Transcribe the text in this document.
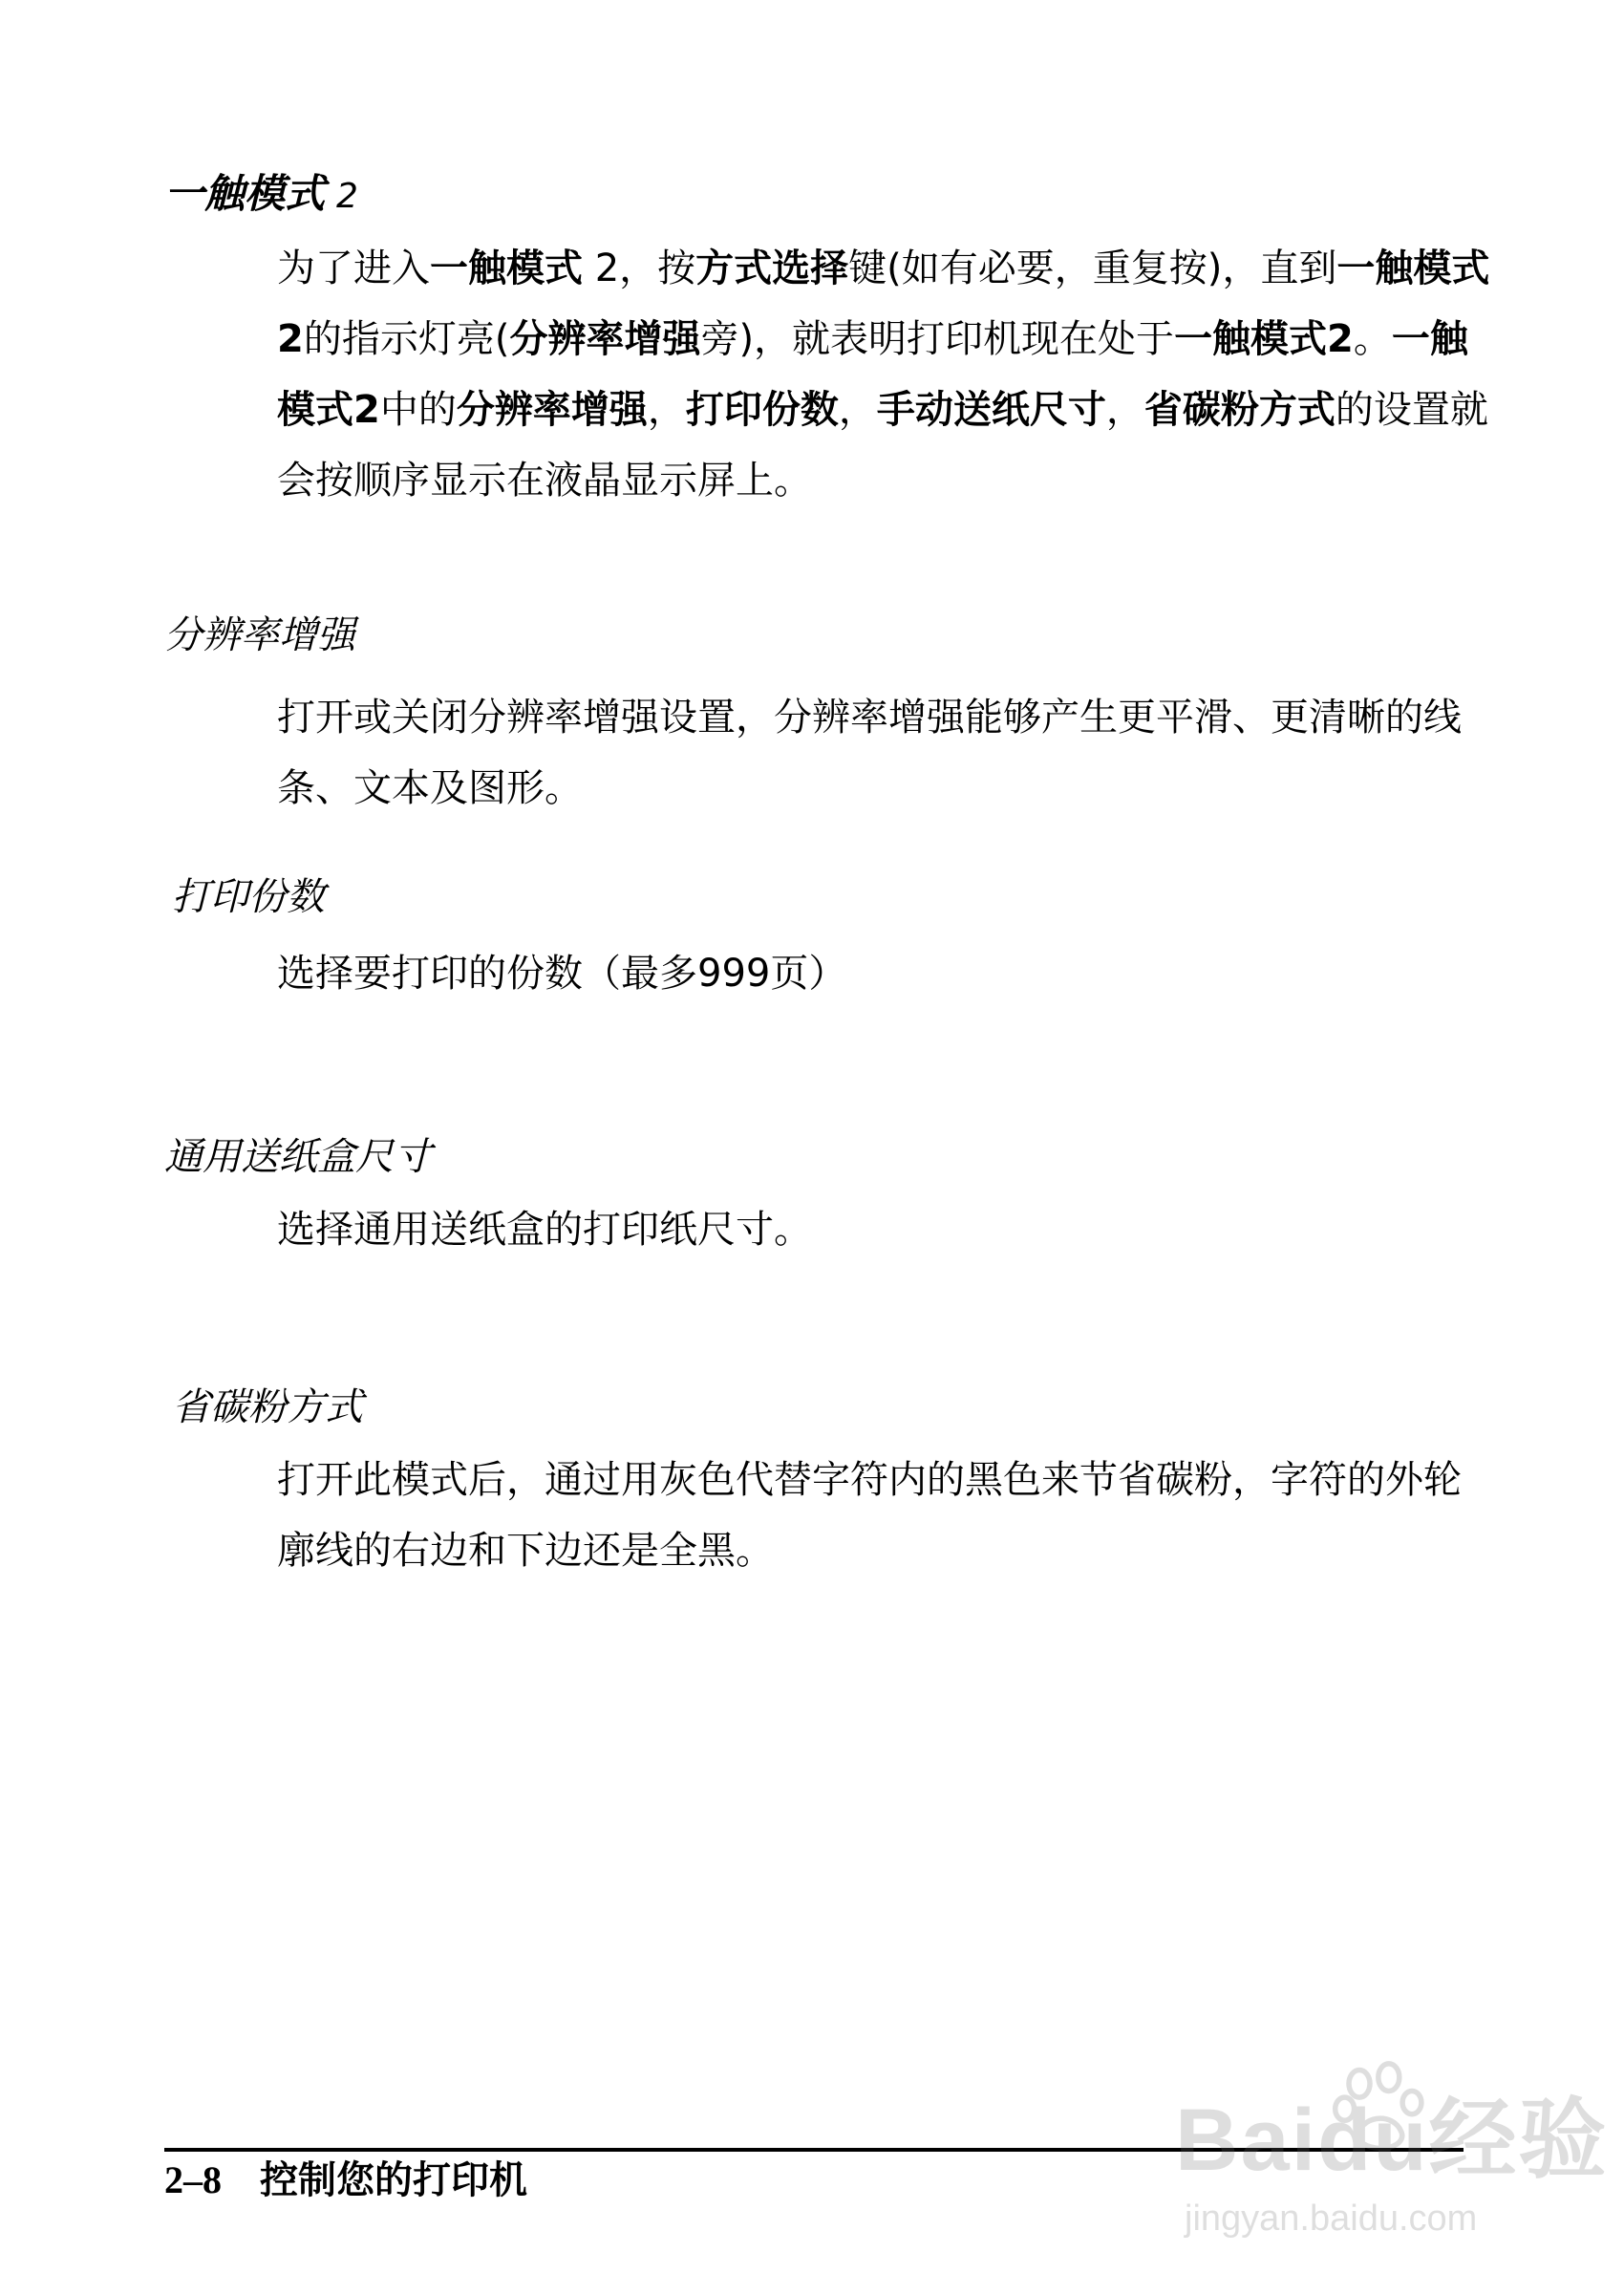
一触模式 2
为了进入一触模式 2，按方式选择键(如有必要，重复按)，直到一触模式2的指示灯亮(分辨率增强旁)，就表明打印机现在处于一触模式2。一触模式2中的分辨率增强，打印份数，手动送纸尺寸，省碳粉方式的设置就会按顺序显示在液晶显示屏上。
分辨率增强
打开或关闭分辨率增强设置，分辨率增强能够产生更平滑、更清晰的线条、文本及图形。
打印份数
选择要打印的份数（最多999页）
通用送纸盒尺寸
选择通用送纸盒的打印纸尺寸。
省碳粉方式
打开此模式后，通过用灰色代替字符内的黑色来节省碳粉，字符的外轮廓线的右边和下边还是全黑。
2–8 控制您的打印机	Baidu经验
jingyan.baidu.com
